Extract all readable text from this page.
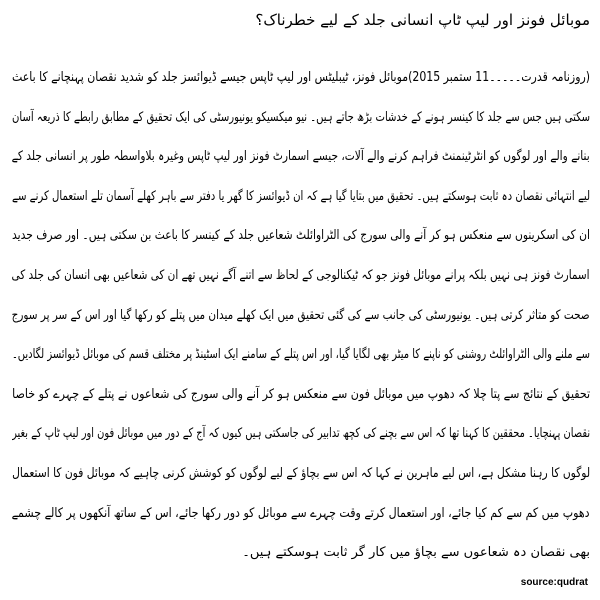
موبائل فونز اور لیپ ٹاپ انسانی جلد کے لیے خطرناک؟
(روزنامہ قدرت۔۔۔۔۔11 ستمبر 2015)موبائل فونز، ٹیبلیٹس اور لیپ ٹاپس جیسے ڈیوائسز جلد کو شدید نقصان پہنچانے کا باعث
سکتی ہیں جس سے جلد کا کینسر ہونے کے خدشات بڑھ جاتے ہیں۔ نیو میکسیکو یونیورسٹی کی ایک تحقیق کے مطابق رابطے کا ذریعہ آسان
بنانے والے اور لوگوں کو انٹرٹینمنٹ فراہم کرنے والے آلات، جیسے اسمارٹ فونز اور لیپ ٹاپس وغیرہ بلاواسطہ طور پر انسانی جلد کے
لیے انتہائی نقصان دہ ثابت ہوسکتے ہیں۔ تحقیق میں بتایا گیا ہے کہ ان ڈیوائسز کا گھر یا دفتر سے باہر کھلے آسمان تلے استعمال کرنے سے
ان کی اسکرینوں سے منعکس ہو کر آنے والی سورج کی الٹراوائلٹ شعاعیں جلد کے کینسر کا باعث بن سکتی ہیں۔ اور صرف جدید
اسمارٹ فونز ہی نہیں بلکہ پرانے موبائل فونز جو کہ ٹیکنالوجی کے لحاظ سے اتنے آگے نہیں تھے ان کی شعاعیں بھی انسان کی جلد کی
صحت کو متاثر کرتی ہیں۔ یونیورسٹی کی جانب سے کی گئی تحقیق میں ایک کھلے میدان میں پتلے کو رکھا گیا اور اس کے سر پر سورج
سے ملنے والی الٹراوائلٹ روشنی کو ناپنے کا میٹر بھی لگایا گیا، اور اس پتلے کے سامنے ایک اسٹینڈ پر مختلف قسم کی موبائل ڈیوائسز لگادیں۔
تحقیق کے نتائج سے پتا چلا کہ دھوپ میں موبائل فون سے منعکس ہو کر آنے والی سورج کی شعاعوں نے پتلے کے چہرے کو خاصا
نقصان پہنچایا۔ محققین کا کہنا تھا کہ اس سے بچنے کی کچھ تدابیر کی جاسکتی ہیں کیوں کہ آج کے دور میں موبائل فون اور لیپ ٹاپ کے بغیر
لوگوں کا رہنا مشکل ہے، اس لیے ماہرین نے کہا کہ اس سے بچاؤ کے لیے لوگوں کو کوشش کرنی چاہیے کہ موبائل فون کا استعمال
دھوپ میں کم سے کم کیا جائے، اور استعمال کرتے وقت چہرے سے موبائل کو دور رکھا جائے، اس کے ساتھ آنکھوں پر کالے چشمے
بھی نقصان دہ شعاعوں سے بچاؤ میں کار گر ثابت ہوسکتے ہیں۔
source:qudrat
